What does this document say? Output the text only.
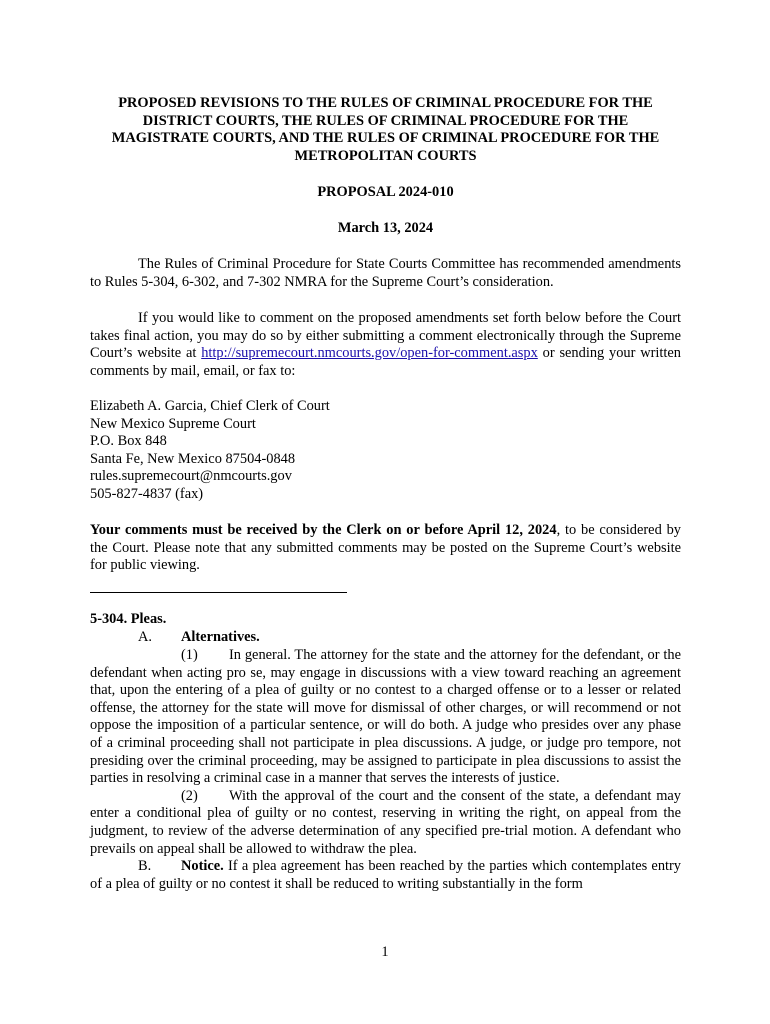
PROPOSED REVISIONS TO THE RULES OF CRIMINAL PROCEDURE FOR THE
DISTRICT COURTS, THE RULES OF CRIMINAL PROCEDURE FOR THE
MAGISTRATE COURTS, AND THE RULES OF CRIMINAL PROCEDURE FOR THE
METROPOLITAN COURTS
PROPOSAL 2024-010
March 13, 2024
The Rules of Criminal Procedure for State Courts Committee has recommended amendments to Rules 5-304, 6-302, and 7-302 NMRA for the Supreme Court’s consideration.
If you would like to comment on the proposed amendments set forth below before the Court takes final action, you may do so by either submitting a comment electronically through the Supreme Court’s website at http://supremecourt.nmcourts.gov/open-for-comment.aspx or sending your written comments by mail, email, or fax to:
Elizabeth A. Garcia, Chief Clerk of Court
New Mexico Supreme Court
P.O. Box 848
Santa Fe, New Mexico 87504-0848
rules.supremecourt@nmcourts.gov
505-827-4837 (fax)
Your comments must be received by the Clerk on or before April 12, 2024, to be considered by the Court. Please note that any submitted comments may be posted on the Supreme Court’s website for public viewing.
5-304. Pleas.
A. Alternatives.
(1) In general. The attorney for the state and the attorney for the defendant, or the defendant when acting pro se, may engage in discussions with a view toward reaching an agreement that, upon the entering of a plea of guilty or no contest to a charged offense or to a lesser or related offense, the attorney for the state will move for dismissal of other charges, or will recommend or not oppose the imposition of a particular sentence, or will do both. A judge who presides over any phase of a criminal proceeding shall not participate in plea discussions. A judge, or judge pro tempore, not presiding over the criminal proceeding, may be assigned to participate in plea discussions to assist the parties in resolving a criminal case in a manner that serves the interests of justice.
(2) With the approval of the court and the consent of the state, a defendant may enter a conditional plea of guilty or no contest, reserving in writing the right, on appeal from the judgment, to review of the adverse determination of any specified pre-trial motion. A defendant who prevails on appeal shall be allowed to withdraw the plea.
B. Notice. If a plea agreement has been reached by the parties which contemplates entry of a plea of guilty or no contest it shall be reduced to writing substantially in the form
1
